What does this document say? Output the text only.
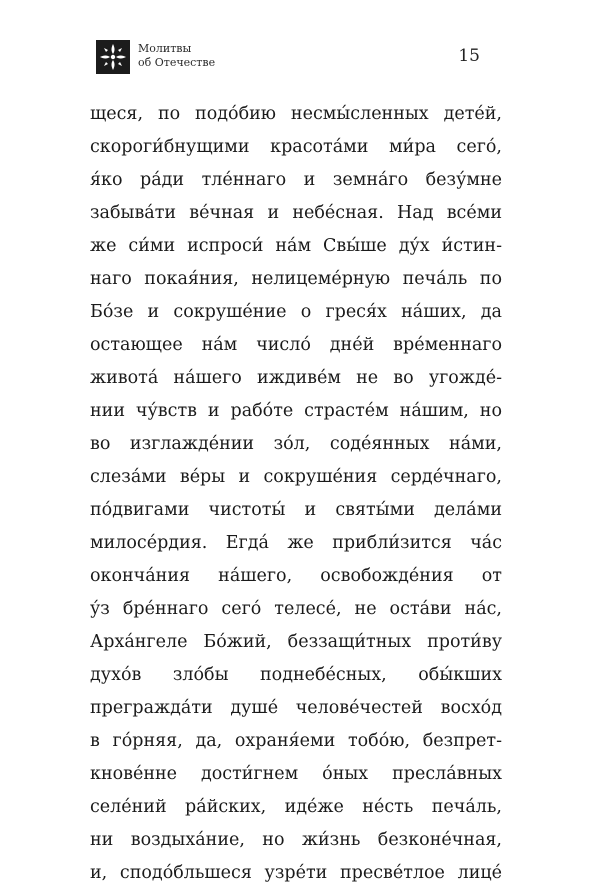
Молитвы
об Отечестве	15
щеся, по подо́бию несмы́сленных дете́й,
скороги́бнущими красота́ми ми́ра сего́,
я́ко ра́ди тле́ннаго и земна́го безу́мне
забыва́ти ве́чная и небе́сная. Над все́ми
же си́ми испроси́ на́м Свы́ше ду́х и́стин-
наго покая́ния, нелицеме́рную печа́ль по
Бо́зе и сокруше́ние о греся́х на́ших, да
остающее на́м число́ дне́й вре́меннаго
живота́ на́шего иждиве́м не во угожде́-
нии чу́вств и рабо́те страсте́м на́шим, но
во изглажде́нии зо́л, соде́янных на́ми,
слеза́ми ве́ры и сокруше́ния серде́чнаго,
по́двигами чистоты́ и святы́ми дела́ми
милосе́рдия. Егда́ же прибли́зится ча́с
оконча́ния на́шего, освобожде́ния от
у́з бре́ннаго сего́ телесе́, не оста́ви на́с,
Арха́нгеле Бо́жий, беззащи́тных проти́ву
духо́в зло́бы поднебе́сных, обы́кших
прегражда́ти душе́ челове́честей восхо́д
в го́рняя, да, охраня́еми тобо́ю, безпрет-
кнове́нне дости́гнем о́ных пресла́вных
селе́ний ра́йских, иде́же не́сть печа́ль,
ни воздыха́ние, но жи́знь безконе́чная,
и, сподо́бльшеся узре́ти пресве́тлое лице́
